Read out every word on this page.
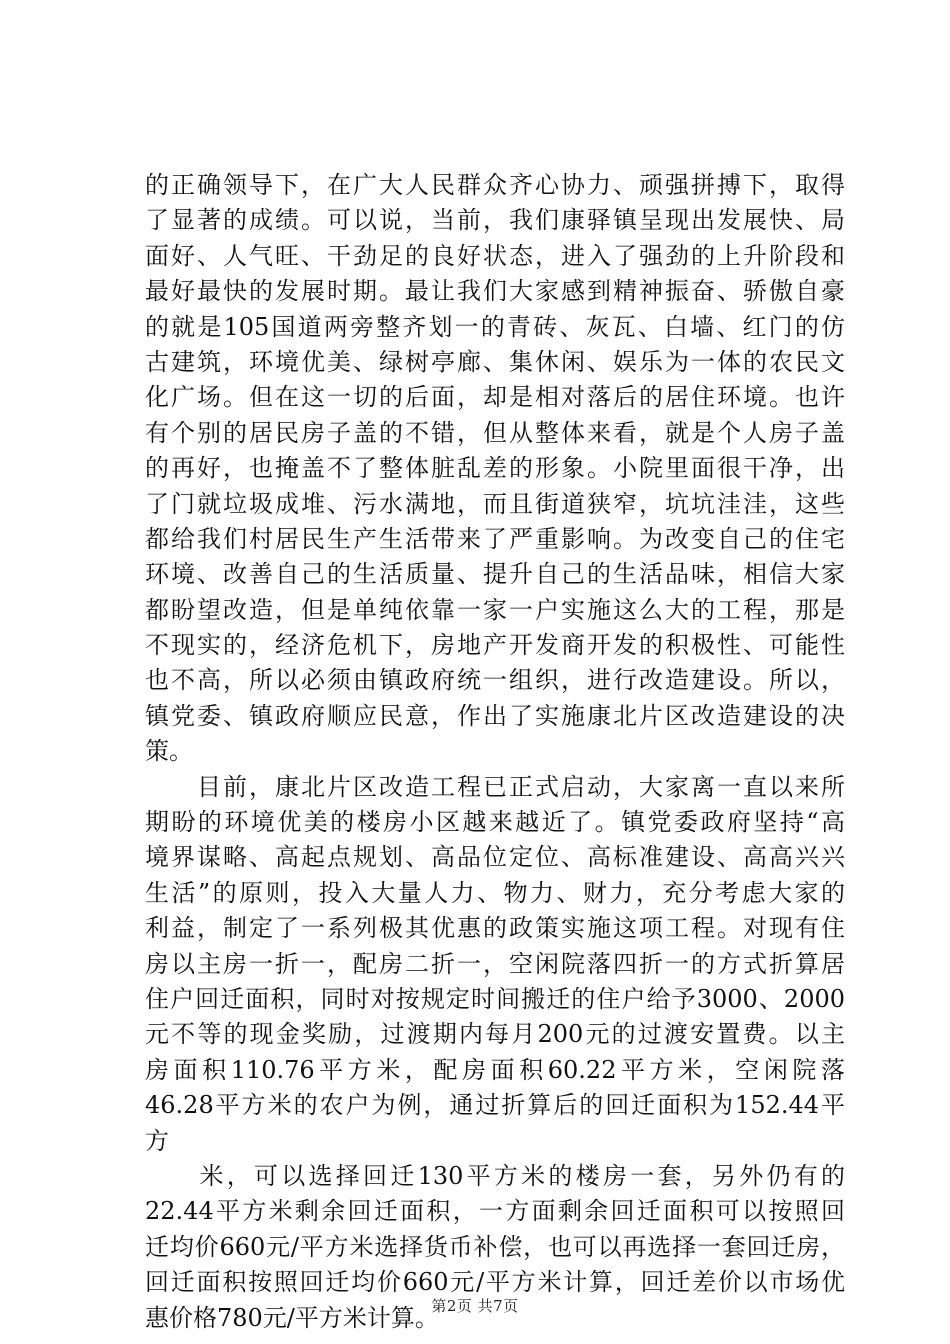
的正确领导下，在广大人民群众齐心协力、顽强拼搏下，取得
了显著的成绩。可以说，当前，我们康驿镇呈现出发展快、局
面好、人气旺、干劲足的良好状态，进入了强劲的上升阶段和
最好最快的发展时期。最让我们大家感到精神振奋、骄傲自豪
的就是105国道两旁整齐划一的青砖、灰瓦、白墙、红门的仿
古建筑，环境优美、绿树亭廊、集休闲、娱乐为一体的农民文
化广场。但在这一切的后面，却是相对落后的居住环境。也许
有个别的居民房子盖的不错，但从整体来看，就是个人房子盖
的再好，也掩盖不了整体脏乱差的形象。小院里面很干净，出
了门就垃圾成堆、污水满地，而且街道狭窄，坑坑洼洼，这些
都给我们村居民生产生活带来了严重影响。为改变自己的住宅
环境、改善自己的生活质量、提升自己的生活品味，相信大家
都盼望改造，但是单纯依靠一家一户实施这么大的工程，那是
不现实的，经济危机下，房地产开发商开发的积极性、可能性
也不高，所以必须由镇政府统一组织，进行改造建设。所以，
镇党委、镇政府顺应民意，作出了实施康北片区改造建设的决
策。
　　目前，康北片区改造工程已正式启动，大家离一直以来所
期盼的环境优美的楼房小区越来越近了。镇党委政府坚持“高
境界谋略、高起点规划、高品位定位、高标准建设、高高兴兴
生活”的原则，投入大量人力、物力、财力，充分考虑大家的
利益，制定了一系列极其优惠的政策实施这项工程。对现有住
房以主房一折一，配房二折一，空闲院落四折一的方式折算居
住户回迁面积，同时对按规定时间搬迁的住户给予3000、2000
元不等的现金奖励，过渡期内每月200元的过渡安置费。以主
房面积110.76平方米，配房面积60.22平方米，空闲院落
46.28平方米的农户为例，通过折算后的回迁面积为152.44平
方
　　米，可以选择回迁130平方米的楼房一套，另外仍有的
22.44平方米剩余回迁面积，一方面剩余回迁面积可以按照回
迁均价660元/平方米选择货币补偿，也可以再选择一套回迁房，
回迁面积按照回迁均价660元/平方米计算，回迁差价以市场优
惠价格780元/平方米计算。
第2页 共7页
